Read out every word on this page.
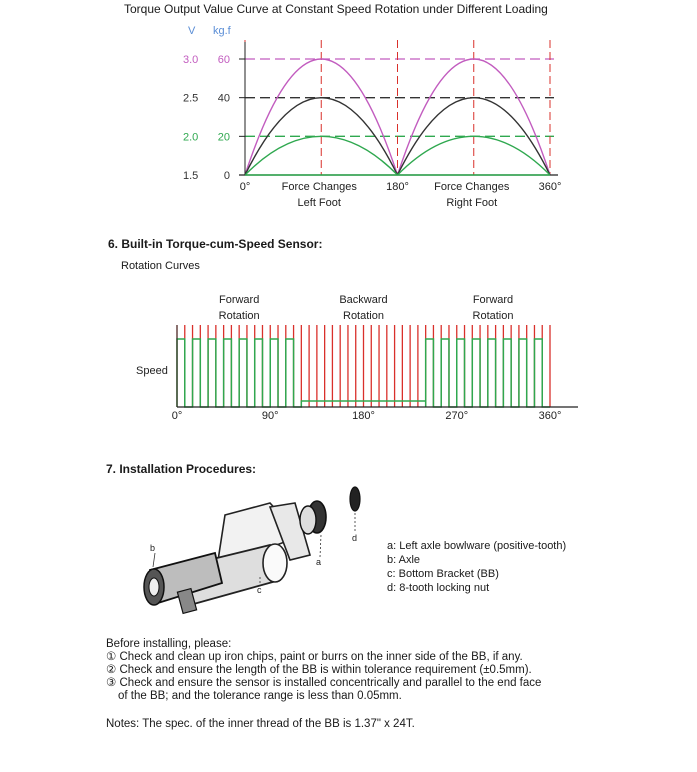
Torque Output Value Curve at Constant Speed Rotation under Different Loading
V kg.f
3.0 60
2.5 40
2.0 20
1.5 0
0°	180°	360°
Force Changes
Left Foot
Force Changes
Right Foot
6. Built-in Torque-cum-Speed Sensor:
Rotation Curves
Forward
Rotation
Backward
Rotation
Forward
Rotation
Speed
0°	90°	180°	270°	360°
7. Installation Procedures:
a
b
c
d
a: Left axle bowlware (positive-tooth)
b: Axle
c: Bottom Bracket (BB)
d: 8-tooth locking nut
Before installing, please:
① Check and clean up iron chips, paint or burrs on the inner side of the BB, if any.
② Check and ensure the length of the BB is within tolerance requirement (±0.5mm).
③ Check and ensure the sensor is installed concentrically and parallel to the end face
of the BB; and the tolerance range is less than 0.05mm.
Notes: The spec. of the inner thread of the BB is 1.37" x 24T.
